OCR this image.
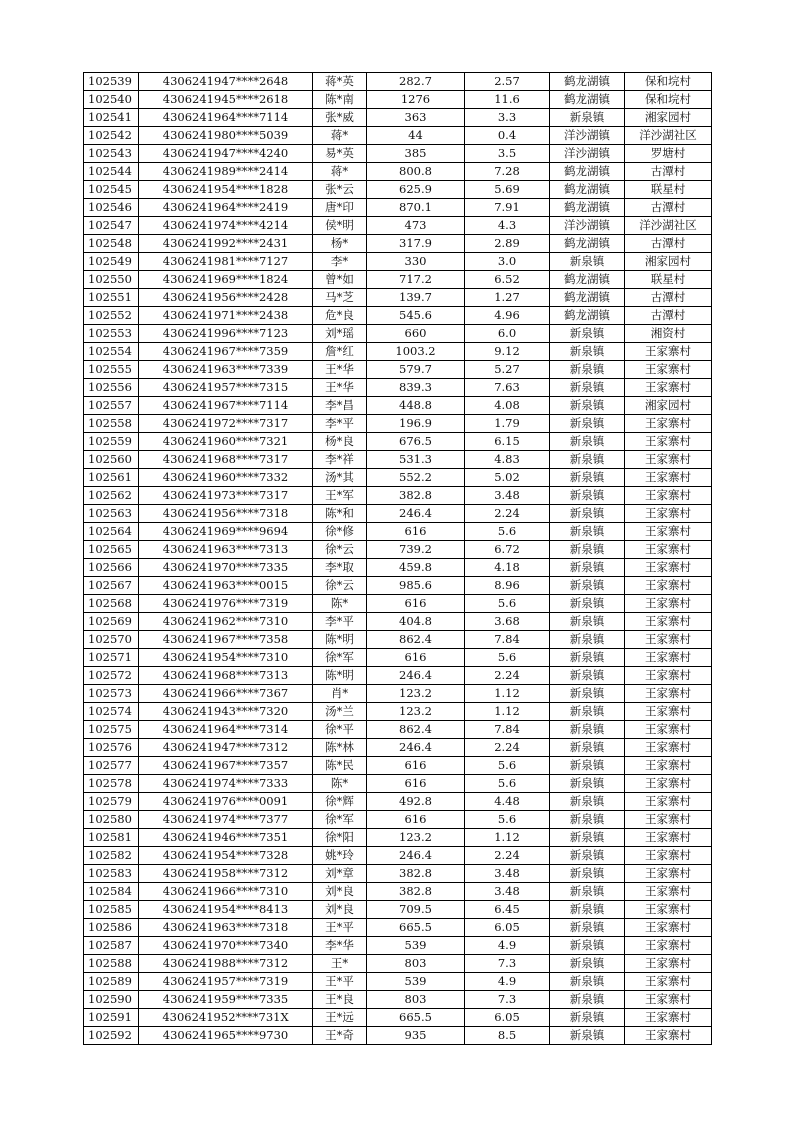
102539	4306241947****2648	蒋*英	282.7	2.57	鹤龙湖镇	保和垸村
102540	4306241945****2618	陈*南	1276	11.6	鹤龙湖镇	保和垸村
102541	4306241964****7114	张*威	363	3.3	新泉镇	湘家园村
102542	4306241980****5039	蒋*	44	0.4	洋沙湖镇	洋沙湖社区
102543	4306241947****4240	易*英	385	3.5	洋沙湖镇	罗塘村
102544	4306241989****2414	蒋*	800.8	7.28	鹤龙湖镇	古潭村
102545	4306241954****1828	张*云	625.9	5.69	鹤龙湖镇	联星村
102546	4306241964****2419	唐*印	870.1	7.91	鹤龙湖镇	古潭村
102547	4306241974****4214	侯*明	473	4.3	洋沙湖镇	洋沙湖社区
102548	4306241992****2431	杨*	317.9	2.89	鹤龙湖镇	古潭村
102549	4306241981****7127	李*	330	3.0	新泉镇	湘家园村
102550	4306241969****1824	曾*如	717.2	6.52	鹤龙湖镇	联星村
102551	4306241956****2428	马*芝	139.7	1.27	鹤龙湖镇	古潭村
102552	4306241971****2438	危*良	545.6	4.96	鹤龙湖镇	古潭村
102553	4306241996****7123	刘*瑶	660	6.0	新泉镇	湘资村
102554	4306241967****7359	詹*红	1003.2	9.12	新泉镇	王家寨村
102555	4306241963****7339	王*华	579.7	5.27	新泉镇	王家寨村
102556	4306241957****7315	王*华	839.3	7.63	新泉镇	王家寨村
102557	4306241967****7114	李*昌	448.8	4.08	新泉镇	湘家园村
102558	4306241972****7317	李*平	196.9	1.79	新泉镇	王家寨村
102559	4306241960****7321	杨*良	676.5	6.15	新泉镇	王家寨村
102560	4306241968****7317	李*祥	531.3	4.83	新泉镇	王家寨村
102561	4306241960****7332	汤*其	552.2	5.02	新泉镇	王家寨村
102562	4306241973****7317	王*军	382.8	3.48	新泉镇	王家寨村
102563	4306241956****7318	陈*和	246.4	2.24	新泉镇	王家寨村
102564	4306241969****9694	徐*修	616	5.6	新泉镇	王家寨村
102565	4306241963****7313	徐*云	739.2	6.72	新泉镇	王家寨村
102566	4306241970****7335	李*取	459.8	4.18	新泉镇	王家寨村
102567	4306241963****0015	徐*云	985.6	8.96	新泉镇	王家寨村
102568	4306241976****7319	陈*	616	5.6	新泉镇	王家寨村
102569	4306241962****7310	李*平	404.8	3.68	新泉镇	王家寨村
102570	4306241967****7358	陈*明	862.4	7.84	新泉镇	王家寨村
102571	4306241954****7310	徐*军	616	5.6	新泉镇	王家寨村
102572	4306241968****7313	陈*明	246.4	2.24	新泉镇	王家寨村
102573	4306241966****7367	肖*	123.2	1.12	新泉镇	王家寨村
102574	4306241943****7320	汤*兰	123.2	1.12	新泉镇	王家寨村
102575	4306241964****7314	徐*平	862.4	7.84	新泉镇	王家寨村
102576	4306241947****7312	陈*林	246.4	2.24	新泉镇	王家寨村
102577	4306241967****7357	陈*民	616	5.6	新泉镇	王家寨村
102578	4306241974****7333	陈*	616	5.6	新泉镇	王家寨村
102579	4306241976****0091	徐*辉	492.8	4.48	新泉镇	王家寨村
102580	4306241974****7377	徐*军	616	5.6	新泉镇	王家寨村
102581	4306241946****7351	徐*阳	123.2	1.12	新泉镇	王家寨村
102582	4306241954****7328	姚*玲	246.4	2.24	新泉镇	王家寨村
102583	4306241958****7312	刘*章	382.8	3.48	新泉镇	王家寨村
102584	4306241966****7310	刘*良	382.8	3.48	新泉镇	王家寨村
102585	4306241954****8413	刘*良	709.5	6.45	新泉镇	王家寨村
102586	4306241963****7318	王*平	665.5	6.05	新泉镇	王家寨村
102587	4306241970****7340	李*华	539	4.9	新泉镇	王家寨村
102588	4306241988****7312	王*	803	7.3	新泉镇	王家寨村
102589	4306241957****7319	王*平	539	4.9	新泉镇	王家寨村
102590	4306241959****7335	王*良	803	7.3	新泉镇	王家寨村
102591	4306241952****731X	王*远	665.5	6.05	新泉镇	王家寨村
102592	4306241965****9730	王*奇	935	8.5	新泉镇	王家寨村
